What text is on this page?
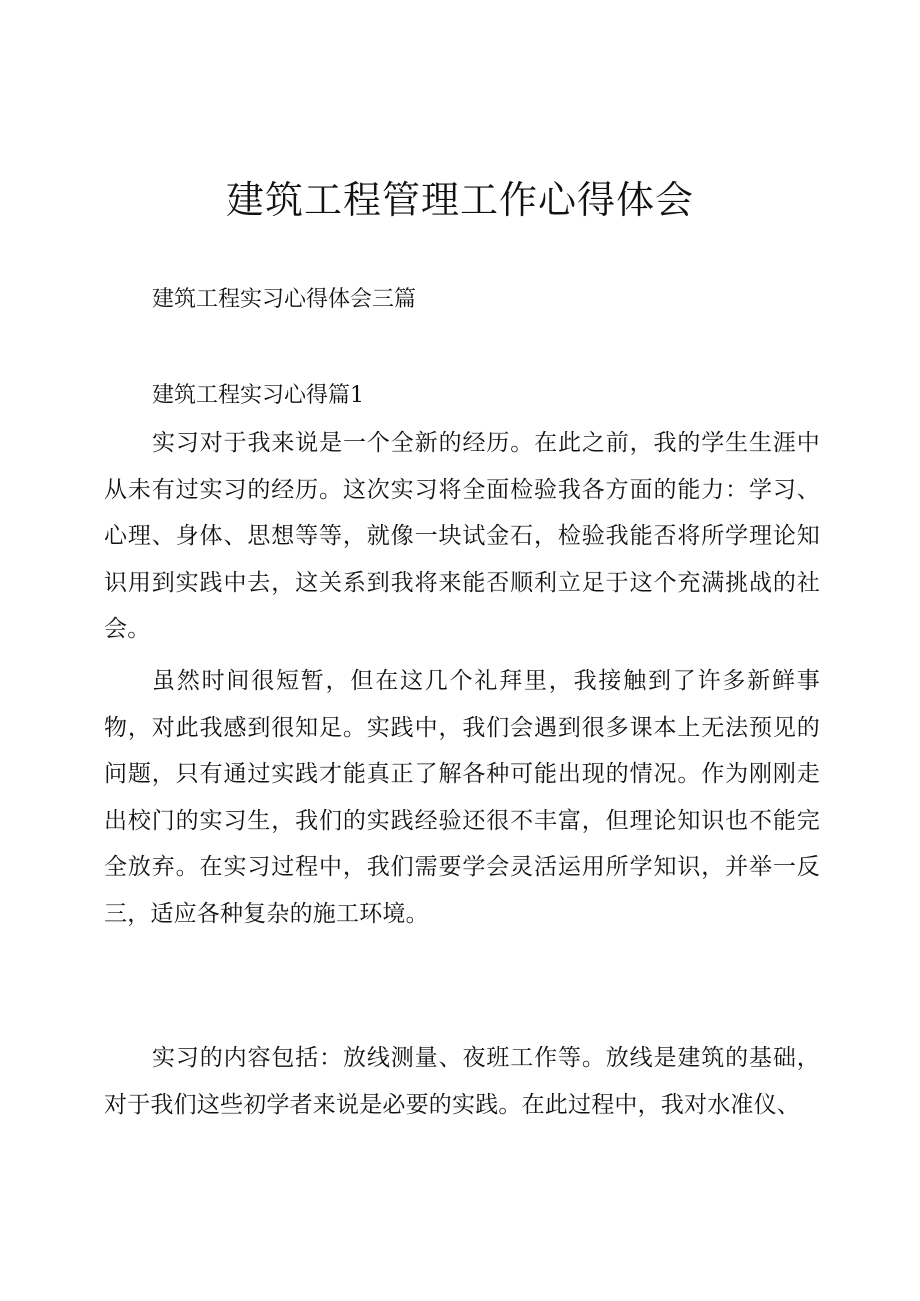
建筑工程管理工作心得体会

建筑工程实习心得体会三篇

建筑工程实习心得篇1

实习对于我来说是一个全新的经历。在此之前，我的学生生涯中从未有过实习的经历。这次实习将全面检验我各方面的能力：学习、心理、身体、思想等等，就像一块试金石，检验我能否将所学理论知识用到实践中去，这关系到我将来能否顺利立足于这个充满挑战的社会。

虽然时间很短暂，但在这几个礼拜里，我接触到了许多新鲜事物，对此我感到很知足。实践中，我们会遇到很多课本上无法预见的问题，只有通过实践才能真正了解各种可能出现的情况。作为刚刚走出校门的实习生，我们的实践经验还很不丰富，但理论知识也不能完全放弃。在实习过程中，我们需要学会灵活运用所学知识，并举一反三，适应各种复杂的施工环境。

实习的内容包括：放线测量、夜班工作等。放线是建筑的基础，对于我们这些初学者来说是必要的实践。在此过程中，我对水准仪、
